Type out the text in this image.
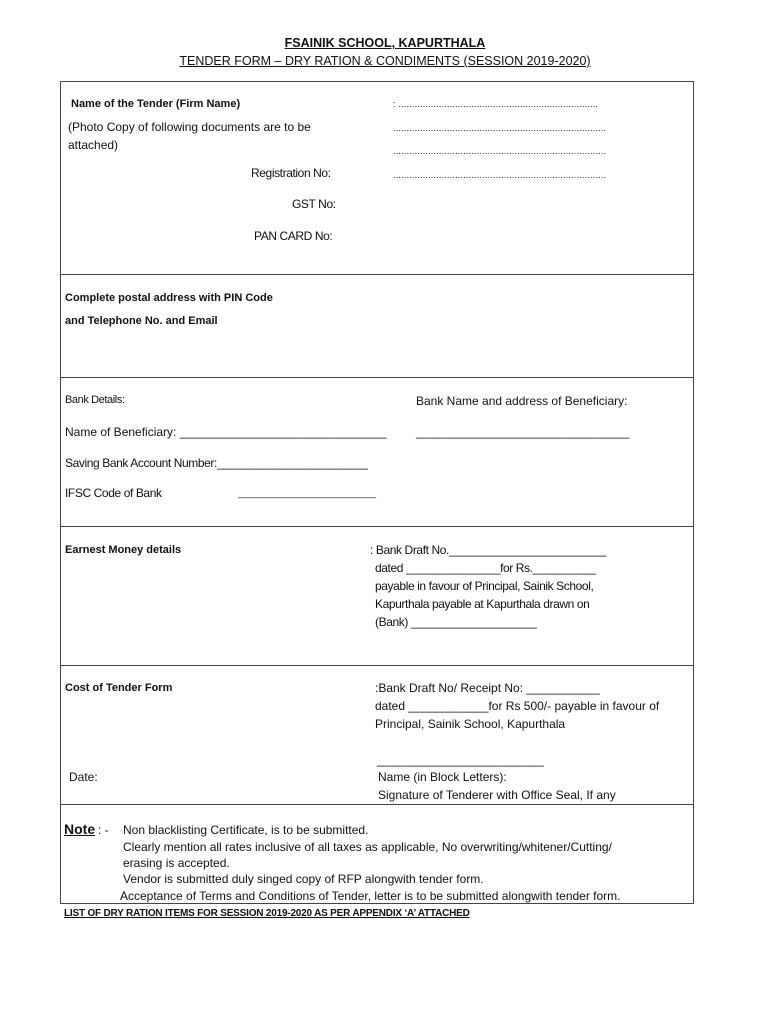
FSAINIK SCHOOL, KAPURTHALA
TENDER FORM – DRY RATION & CONDIMENTS (SESSION 2019-2020)
Name of the Tender (Firm Name)	: ..........................................................................
(Photo Copy of following documents are to be
attached)
...............................................................................
...............................................................................
Registration No:	...............................................................................
GST No:
PAN CARD No:
Complete postal address with PIN Code
and Telephone No. and Email
Bank Details:	Bank Name and address of Beneficiary:
Name of Beneficiary: _______________________________ ________________________________
Saving Bank Account Number:________________________
IFSC Code of Bank	________________________
Earnest Money details	: Bank Draft No._________________________
dated _______________for Rs.__________
payable in favour of Principal, Sainik School,
Kapurthala payable at Kapurthala drawn on
(Bank) ____________________
Cost of Tender Form	:Bank Draft No/ Receipt No: ___________
dated ____________for Rs 500/- payable in favour of
Principal, Sainik School, Kapurthala
_________________________
Date:	Name (in Block Letters):
Signature of Tenderer with Office Seal, If any
Note : - Non blacklisting Certificate, is to be submitted.
Clearly mention all rates inclusive of all taxes as applicable, No overwriting/whitener/Cutting/
erasing is accepted.
Vendor is submitted duly singed copy of RFP alongwith tender form.
Acceptance of Terms and Conditions of Tender, letter is to be submitted alongwith tender form.
LIST OF DRY RATION ITEMS FOR SESSION 2019-2020 AS PER APPENDIX ‘A’ ATTACHED
